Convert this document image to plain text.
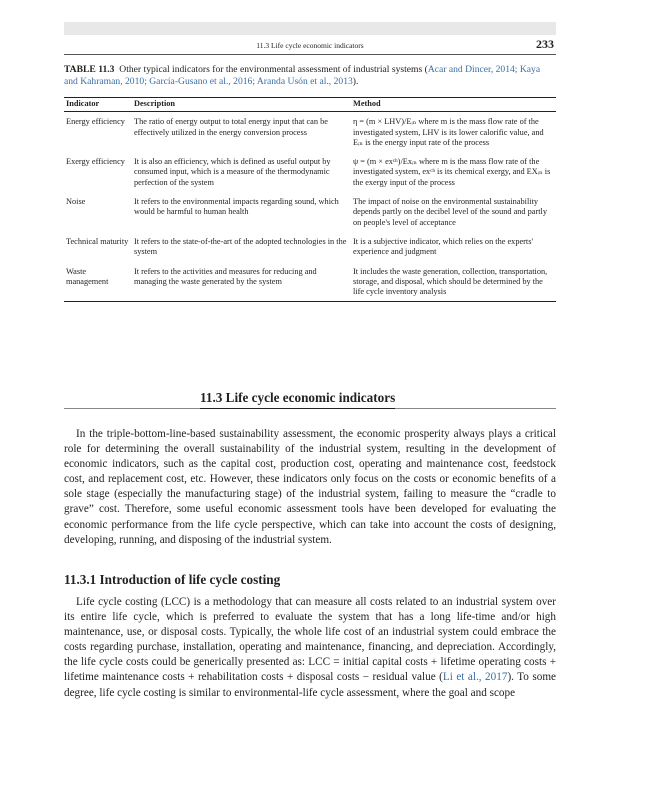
11.3 Life cycle economic indicators	233
TABLE 11.3 Other typical indicators for the environmental assessment of industrial systems (Acar and Dincer, 2014; Kaya and Kahraman, 2010; García-Gusano et al., 2016; Aranda Usón et al., 2013).
Indicator	Description	Method
Energy efficiency	The ratio of energy output to total energy input that can be effectively utilized in the energy conversion process	η = (m × LHV)/Eᵢₙ where m is the mass flow rate of the investigated system, LHV is its lower calorific value, and Eᵢₙ is the energy input rate of the process
Exergy efficiency	It is also an efficiency, which is defined as useful output by consumed input, which is a measure of the thermodynamic perfection of the system	ψ = (m × exᶜʰ)/Exᵢₙ where m is the mass flow rate of the investigated system, exᶜʰ is its chemical exergy, and EXᵢₙ is the exergy input of the process
Noise	It refers to the environmental impacts regarding sound, which would be harmful to human health	The impact of noise on the environmental sustainability depends partly on the decibel level of the sound and partly on people's level of acceptance
Technical maturity	It refers to the state-of-the-art of the adopted technologies in the system	It is a subjective indicator, which relies on the experts' experience and judgment
Waste management	It refers to the activities and measures for reducing and managing the waste generated by the system	It includes the waste generation, collection, transportation, storage, and disposal, which should be determined by the life cycle inventory analysis
11.3 Life cycle economic indicators
In the triple-bottom-line-based sustainability assessment, the economic prosperity always plays a critical role for determining the overall sustainability of the industrial system, resulting in the development of economic indicators, such as the capital cost, production cost, operating and maintenance cost, feedstock cost, and replacement cost, etc. However, these indicators only focus on the costs or economic benefits of a sole stage (especially the manufacturing stage) of the industrial system, failing to measure the “cradle to grave” cost. Therefore, some useful economic assessment tools have been developed for evaluating the economic performance from the life cycle perspective, which can take into account the costs of designing, developing, running, and disposing of the industrial system.
11.3.1 Introduction of life cycle costing
Life cycle costing (LCC) is a methodology that can measure all costs related to an industrial system over its entire life cycle, which is preferred to evaluate the system that has a long life-time and/or high maintenance, use, or disposal costs. Typically, the whole life cost of an industrial system could embrace the costs regarding purchase, installation, operating and maintenance, financing, and depreciation. Accordingly, the life cycle costs could be generically presented as: LCC = initial capital costs + lifetime operating costs + lifetime maintenance costs + rehabilitation costs + disposal costs − residual value (Li et al., 2017). To some degree, life cycle costing is similar to environmental-life cycle assessment, where the goal and scope
